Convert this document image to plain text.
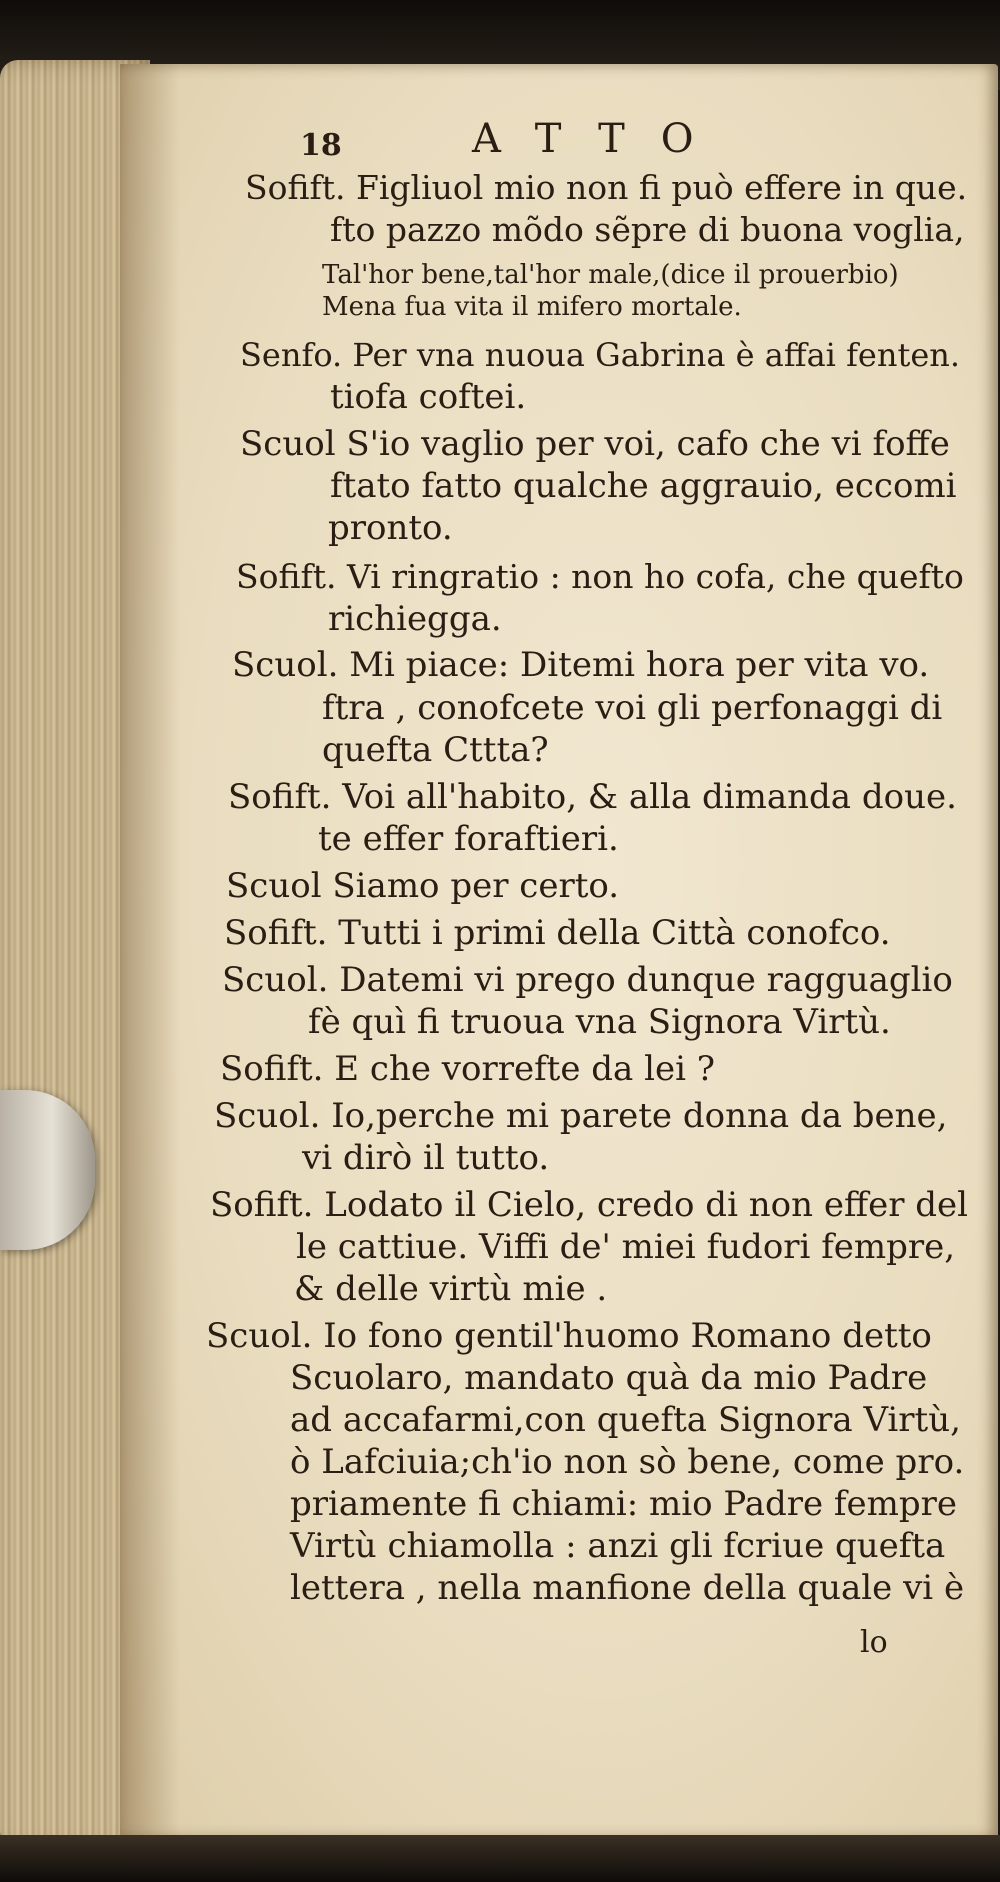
18	ATTO
Sofift. Figliuol mio non fi può effere in que.
fto pazzo mõdo sẽpre di buona voglia,
Tal'hor bene,tal'hor male,(dice il prouerbio)
Mena fua vita il mifero mortale.
Senfo. Per vna nuoua Gabrina è affai fenten.
tiofa coftei.
Scuol S'io vaglio per voi, cafo che vi foffe
ftato fatto qualche aggrauio, eccomi
pronto.
Sofift. Vi ringratio : non ho cofa, che quefto
richiegga.
Scuol. Mi piace: Ditemi hora per vita vo.
ftra , conofcete voi gli perfonaggi di
quefta Cttta?
Sofift. Voi all'habito, & alla dimanda doue.
te effer foraftieri.
Scuol Siamo per certo.
Sofift. Tutti i primi della Città conofco.
Scuol. Datemi vi prego dunque ragguaglio
fè quì fi truoua vna Signora Virtù.
Sofift. E che vorrefte da lei ?
Scuol. Io,perche mi parete donna da bene,
vi dirò il tutto.
Sofift. Lodato il Cielo, credo di non effer del
le cattiue. Viffi de' miei fudori fempre,
& delle virtù mie .
Scuol. Io fono gentil'huomo Romano detto
Scuolaro, mandato quà da mio Padre
ad accafarmi,con quefta Signora Virtù,
ò Lafciuia;ch'io non sò bene, come pro.
priamente fi chiami: mio Padre fempre
Virtù chiamolla : anzi gli fcriue quefta
lettera , nella manfione della quale vi è
lo
